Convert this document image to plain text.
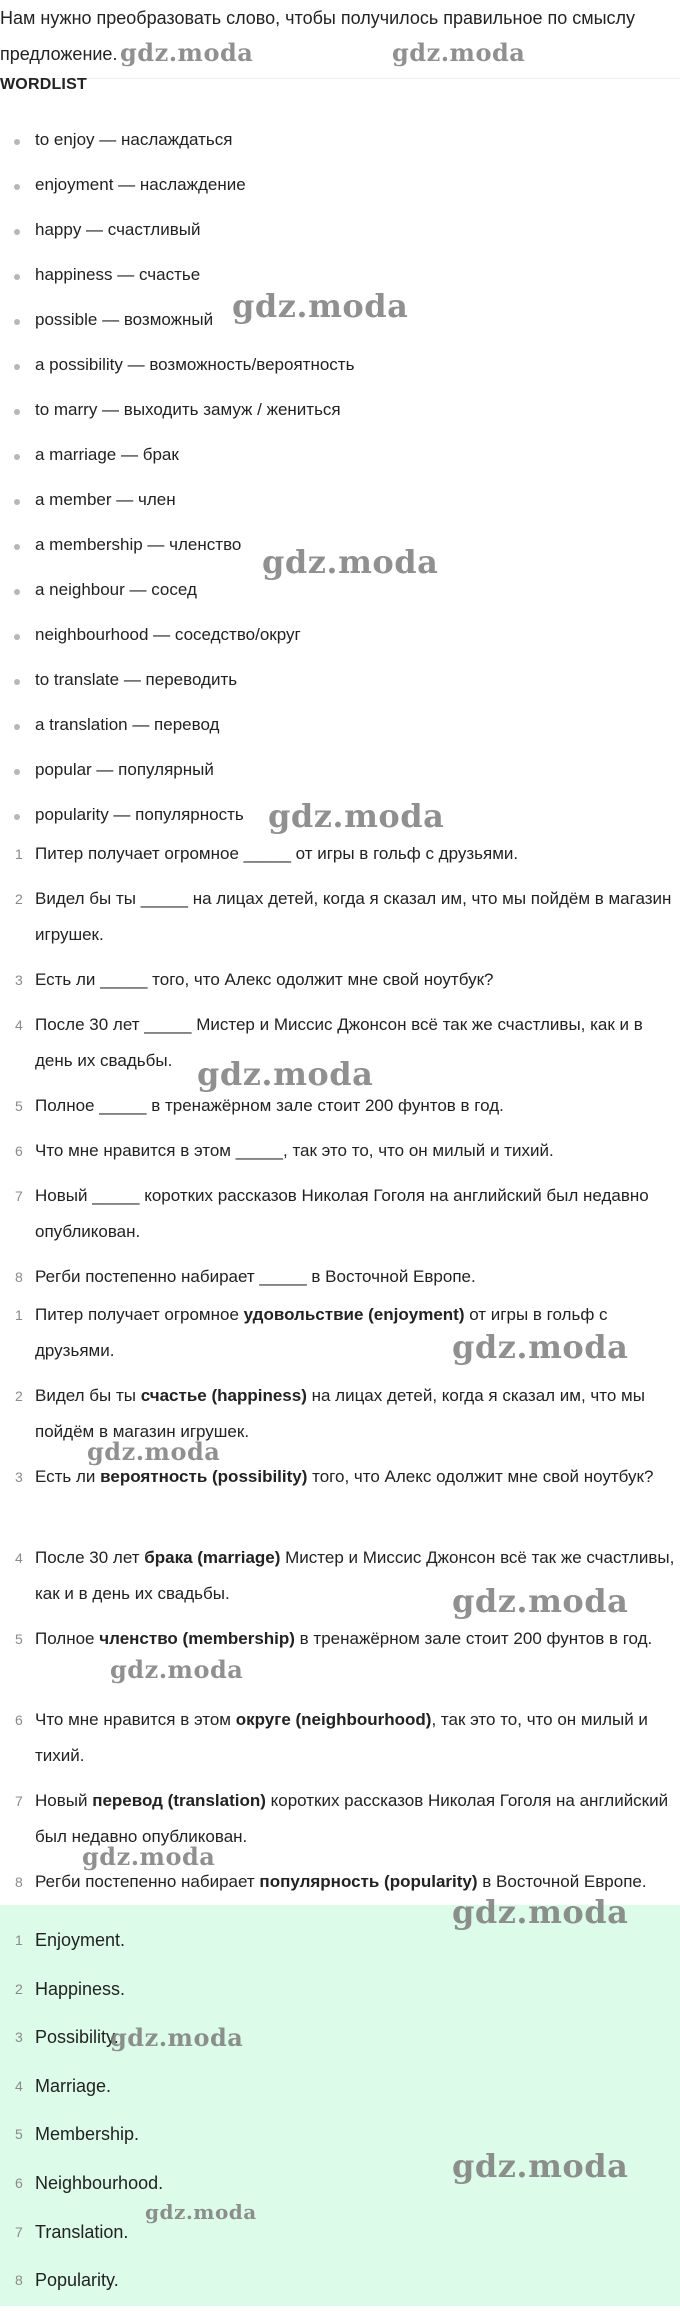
Нам нужно преобразовать слово, чтобы получилось правильное по смыслу предложение.

WORDLIST
to enjoy — наслаждаться
enjoyment — наслаждение
happy — счастливый
happiness — счастье
possible — возможный
a possibility — возможность/вероятность
to marry — выходить замуж / жениться
a marriage — брак
a member — член
a membership — членство
a neighbour — сосед
neighbourhood — соседство/округ
to translate — переводить
a translation — перевод
popular — популярный
popularity — популярность
1 Питер получает огромное _____ от игры в гольф с друзьями.
2 Видел бы ты _____ на лицах детей, когда я сказал им, что мы пойдём в магазин игрушек.
3 Есть ли _____ того, что Алекс одолжит мне свой ноутбук?
4 После 30 лет _____ Мистер и Миссис Джонсон всё так же счастливы, как и в день их свадьбы.
5 Полное _____ в тренажёрном зале стоит 200 фунтов в год.
6 Что мне нравится в этом _____, так это то, что он милый и тихий.
7 Новый _____ коротких рассказов Николая Гоголя на английский был недавно опубликован.
8 Регби постепенно набирает _____ в Восточной Европе.
1 Питер получает огромное удовольствие (enjoyment) от игры в гольф с друзьями.
2 Видел бы ты счастье (happiness) на лицах детей, когда я сказал им, что мы пойдём в магазин игрушек.
3 Есть ли вероятность (possibility) того, что Алекс одолжит мне свой ноутбук?
4 После 30 лет брака (marriage) Мистер и Миссис Джонсон всё так же счастливы, как и в день их свадьбы.
5 Полное членство (membership) в тренажёрном зале стоит 200 фунтов в год.
6 Что мне нравится в этом округе (neighbourhood), так это то, что он милый и тихий.
7 Новый перевод (translation) коротких рассказов Николая Гоголя на английский был недавно опубликован.
8 Регби постепенно набирает популярность (popularity) в Восточной Европе.
1 Enjoyment.
2 Happiness.
3 Possibility.
4 Marriage.
5 Membership.
6 Neighbourhood.
7 Translation.
8 Popularity.
gdz.moda	gdz.moda
gdz.moda
gdz.moda
gdz.moda
gdz.moda
gdz.moda
gdz.moda
gdz.moda
gdz.moda
gdz.moda
gdz.moda
gdz.moda
gdz.moda
gdz.moda
